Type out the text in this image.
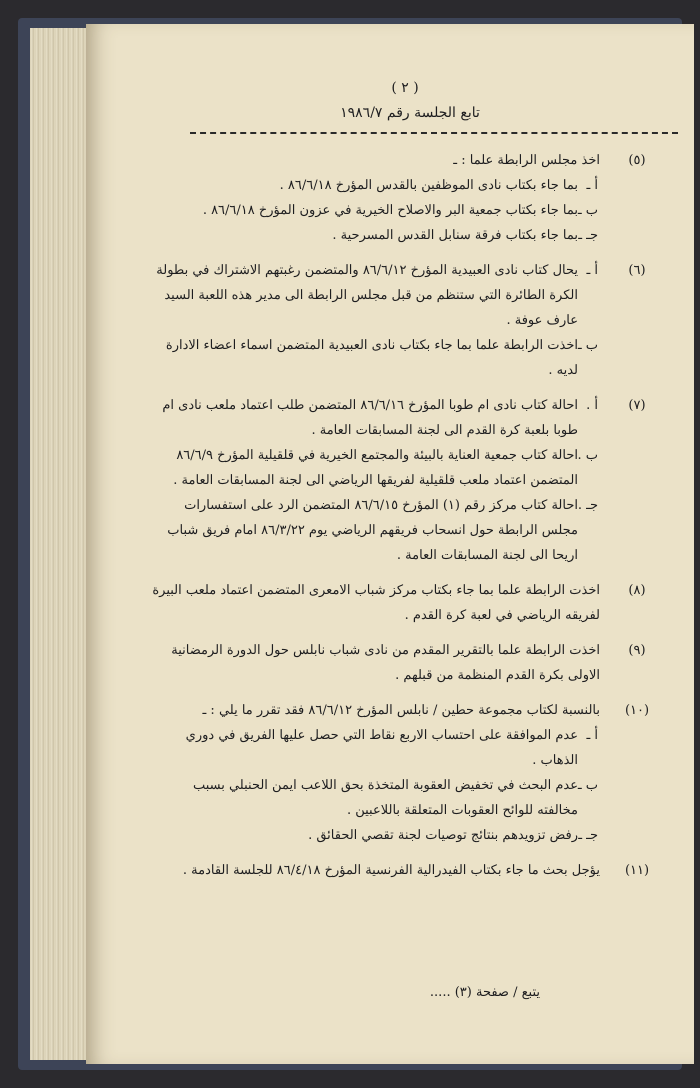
( ٢ )
تابع الجلسة رقم ١٩٨٦/٧
(٥)
اخذ مجلس الرابطة علما : ـ
أ ـ
بما جاء بكتاب نادى الموظفين بالقدس المؤرخ ٨٦/٦/١٨ .
ب ـ
بما جاء بكتاب جمعية البر والاصلاح الخيرية في عزون المؤرخ ٨٦/٦/١٨ .
جـ ـ
بما جاء بكتاب فرقة سنابل القدس المسرحية .
(٦)
أ ـ
يحال كتاب نادى العبيدية المؤرخ ٨٦/٦/١٢ والمتضمن رغبتهم الاشتراك في بطولة الكرة الطائرة التي ستنظم من قبل مجلس الرابطة الى مدير هذه اللعبة السيد عارف عوفة .
ب ـ
اخذت الرابطة علما بما جاء بكتاب نادى العبيدية المتضمن اسماء اعضاء الادارة لديه .
(٧)
أ .
احالة كتاب نادى ام طوبا المؤرخ ٨٦/٦/١٦ المتضمن طلب اعتماد ملعب نادى ام طوبا بلعبة كرة القدم الى لجنة المسابقات العامة .
ب .
احالة كتاب جمعية العناية بالبيئة والمجتمع الخيرية في قلقيلية المؤرخ ٨٦/٦/٩ المتضمن اعتماد ملعب قلقيلية لفريقها الرياضي الى لجنة المسابقات العامة .
جـ .
احالة كتاب مركز رقم (١) المؤرخ ٨٦/٦/١٥ المتضمن الرد على استفسارات مجلس الرابطة حول انسحاب فريقهم الرياضي يوم ٨٦/٣/٢٢ امام فريق شباب اريحا الى لجنة المسابقات العامة .
(٨)
اخذت الرابطة علما بما جاء بكتاب مركز شباب الامعرى المتضمن اعتماد ملعب البيرة لفريقه الرياضي في لعبة كرة القدم .
(٩)
اخذت الرابطة علما بالتقرير المقدم من نادى شباب نابلس حول الدورة الرمضانية الاولى بكرة القدم المنظمة من قبلهم .
(١٠)
بالنسبة لكتاب مجموعة حطين / نابلس المؤرخ ٨٦/٦/١٢ فقد تقرر ما يلي : ـ
أ ـ
عدم الموافقة على احتساب الاربع نقاط التي حصل عليها الفريق في دوري الذهاب .
ب ـ
عدم البحث في تخفيض العقوبة المتخذة بحق اللاعب ايمن الحنبلي بسبب مخالفته للوائح العقوبات المتعلقة باللاعبين .
جـ ـ
رفض تزويدهم بنتائج توصيات لجنة تقصي الحقائق .
(١١)
يؤجل بحث ما جاء بكتاب الفيدرالية الفرنسية المؤرخ ٨٦/٤/١٨ للجلسة القادمة .
يتبع / صفحة (٣) .....
